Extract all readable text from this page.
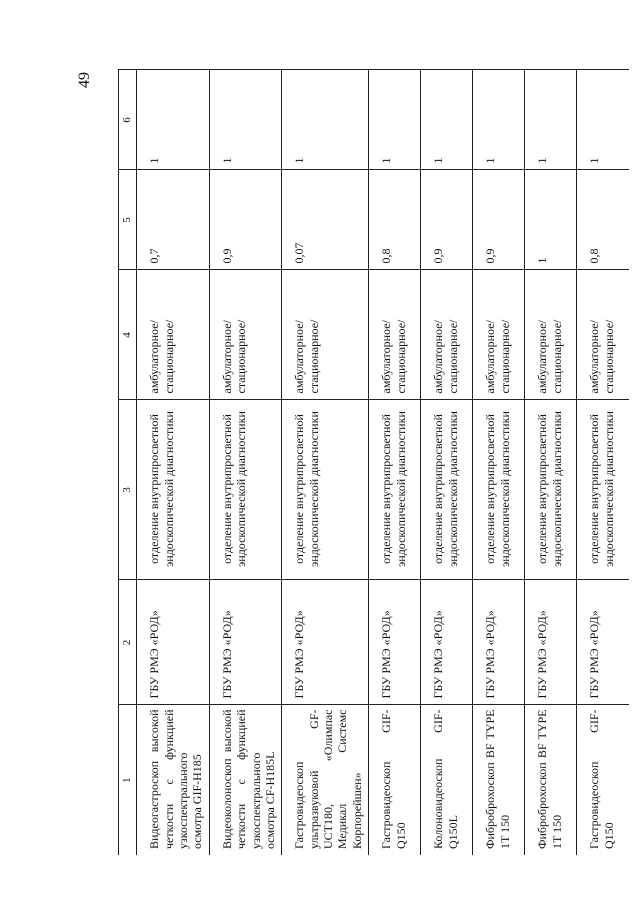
49
1	2	3	4	5	6
Видеогастроскоп высокой четкости с функцией узкоспектрального осмотра GIF-H185	ГБУ РМЭ «РОД»	отделение внутрипросветной эндоскопической диагностики	амбулаторное/ стационарное/	0,7	1
Видеоколоноскоп высокой четкости с функцией узкоспектрального осмотра CF-H185L	ГБУ РМЭ «РОД»	отделение внутрипросветной эндоскопической диагностики	амбулаторное/ стационарное/	0,9	1
Гастровидеоскоп ультразвуковой GF-UCT180, «Олимпас Медикал Системс Корпорейшен»	ГБУ РМЭ «РОД»	отделение внутрипросветной эндоскопической диагностики	амбулаторное/ стационарное/	0,07	1
Гастровидеоскоп GIF-Q150	ГБУ РМЭ «РОД»	отделение внутрипросветной эндоскопической диагностики	амбулаторное/ стационарное/	0,8	1
Колоновидеоскоп GIF-Q150L	ГБУ РМЭ «РОД»	отделение внутрипросветной эндоскопической диагностики	амбулаторное/ стационарное/	0,9	1
Фиброброхоскоп BF TYPE 1T 150	ГБУ РМЭ «РОД»	отделение внутрипросветной эндоскопической диагностики	амбулаторное/ стационарное/	0,9	1
Фиброброхоскоп BF TYPE 1T 150	ГБУ РМЭ «РОД»	отделение внутрипросветной эндоскопической диагностики	амбулаторное/ стационарное/	1	1
Гастровидеоскоп GIF-Q150	ГБУ РМЭ «РОД»	отделение внутрипросветной эндоскопической диагностики	амбулаторное/ стационарное/	0,8	1
